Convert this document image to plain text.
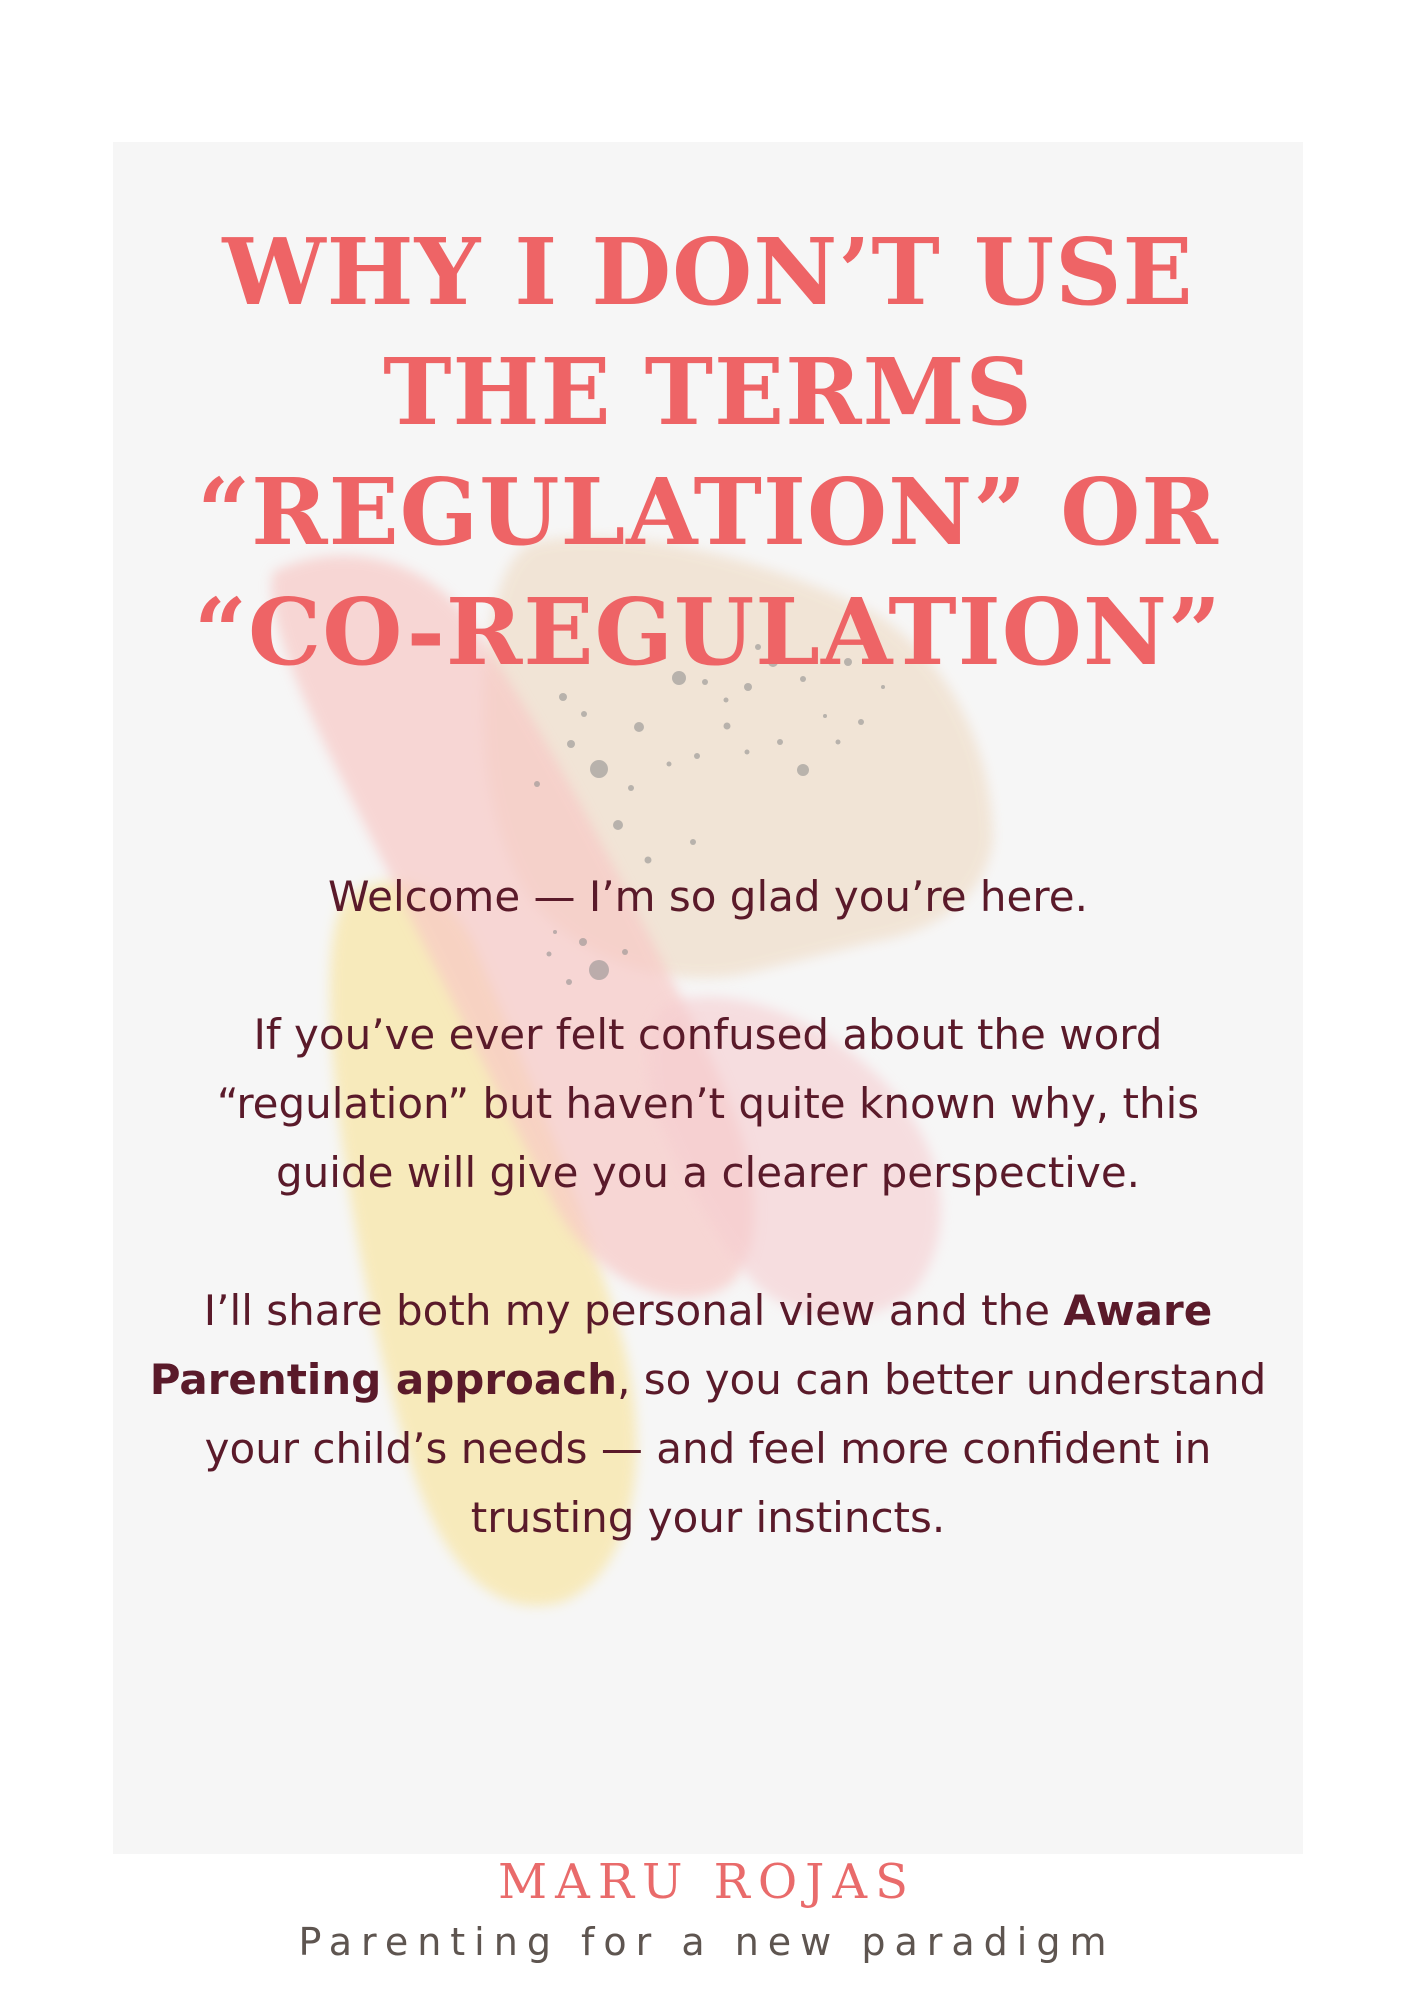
WHY I DON’T USE
THE TERMS
“REGULATION” OR
“CO-REGULATION”

Welcome — I’m so glad you’re here.

If you’ve ever felt confused about the word
“regulation” but haven’t quite known why, this
guide will give you a clearer perspective.

I’ll share both my personal view and the Aware Parenting approach, so you can better understand your child’s needs — and feel more confident in trusting your instincts.

MARU ROJAS
Parenting for a new paradigm
